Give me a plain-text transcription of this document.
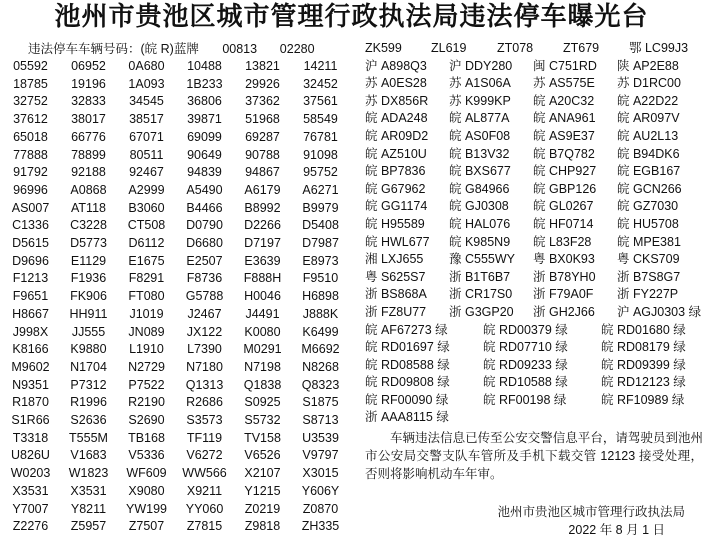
池州市贵池区城市管理行政执法局违法停车曝光台
违法停车车辆号码：(皖 R)蓝牌 00813 02280
05592	06952	0A680	10488	13821	14211
18785	19196	1A093	1B233	29926	32452
32752	32833	34545	36806	37362	37561
37612	38017	38517	39871	51968	58549
65018	66776	67071	69099	69287	76781
77888	78899	80511	90649	90788	91098
91792	92188	92467	94839	94867	95752
96996	A0868	A2999	A5490	A6179	A6271
AS007	AT118	B3060	B4466	B8992	B9979
C1336	C3228	CT508	D0790	D2266	D5408
D5615	D5773	D6112	D6680	D7197	D7987
D9696	E1129	E1675	E2507	E3639	E8973
F1213	F1936	F8291	F8736	F888H	F9510
F9651	FK906	FT080	G5788	H0046	H6898
H8667	HH911	J1019	J2467	J4491	J888K
J998X	JJ555	JN089	JX122	K0080	K6499
K8166	K9880	L1910	L7390	M0291	M6692
M9602	N1704	N2729	N7180	N7198	N8268
N9351	P7312	P7522	Q1313	Q1838	Q8323
R1870	R1996	R2190	R2686	S0925	S1875
S1R66	S2636	S2690	S3573	S5732	S8713
T3318	T555M	TB168	TF119	TV158	U3539
U826U	V1683	V5336	V6272	V6526	V9797
W0203	W1823	WF609	WW566	X2107	X3015
X3531	X3531	X9080	X9211	Y1215	Y606Y
Y7007	Y8211	YW199	YY060	Z0219	Z0870
Z2276	Z5957	Z7507	Z7815	Z9818	ZH335
ZK599	ZL619	ZT078	ZT679	鄂 LC99J3
沪 A898Q3	沪 DDY280	闽 C751RD	陕 AP2E88
苏 A0ES28	苏 A1S06A	苏 AS575E	苏 D1RC00
苏 DX856R	苏 K999KP	皖 A20C32	皖 A22D22
皖 ADA248	皖 AL877A	皖 ANA961	皖 AR097V
皖 AR09D2	皖 AS0F08	皖 AS9E37	皖 AU2L13
皖 AZ510U	皖 B13V32	皖 B7Q782	皖 B94DK6
皖 BP7836	皖 BXS677	皖 CHP927	皖 EGB167
皖 G67962	皖 G84966	皖 GBP126	皖 GCN266
皖 GG1174	皖 GJ0308	皖 GL0267	皖 GZ7030
皖 H95589	皖 HAL076	皖 HF0714	皖 HU5708
皖 HWL677	皖 K985N9	皖 L83F28	皖 MPE381
湘 LXJ655	豫 C555WY	粤 BX0K93	粤 CKS709
粤 S625S7	浙 B1T6B7	浙 B78YH0	浙 B7S8G7
浙 BS868A	浙 CR17S0	浙 F79A0F	浙 FY227P
浙 FZ8U77	浙 G3GP20	浙 GH2J66	沪 AGJ0303 绿
皖 AF67273 绿	皖 RD00379 绿	皖 RD01680 绿
皖 RD01697 绿	皖 RD07710 绿	皖 RD08179 绿
皖 RD08588 绿	皖 RD09233 绿	皖 RD09399 绿
皖 RD09808 绿	皖 RD10588 绿	皖 RD12123 绿
皖 RF00090 绿	皖 RF00198 绿	皖 RF10989 绿
浙 AAA8115 绿
车辆违法信息已传至公安交警信息平台，请驾驶员到池州市公安局交警支队车管所及手机下载交管 12123 接受处理，否则将影响机动车年审。
池州市贵池区城市管理行政执法局
2022 年 8 月 1 日
